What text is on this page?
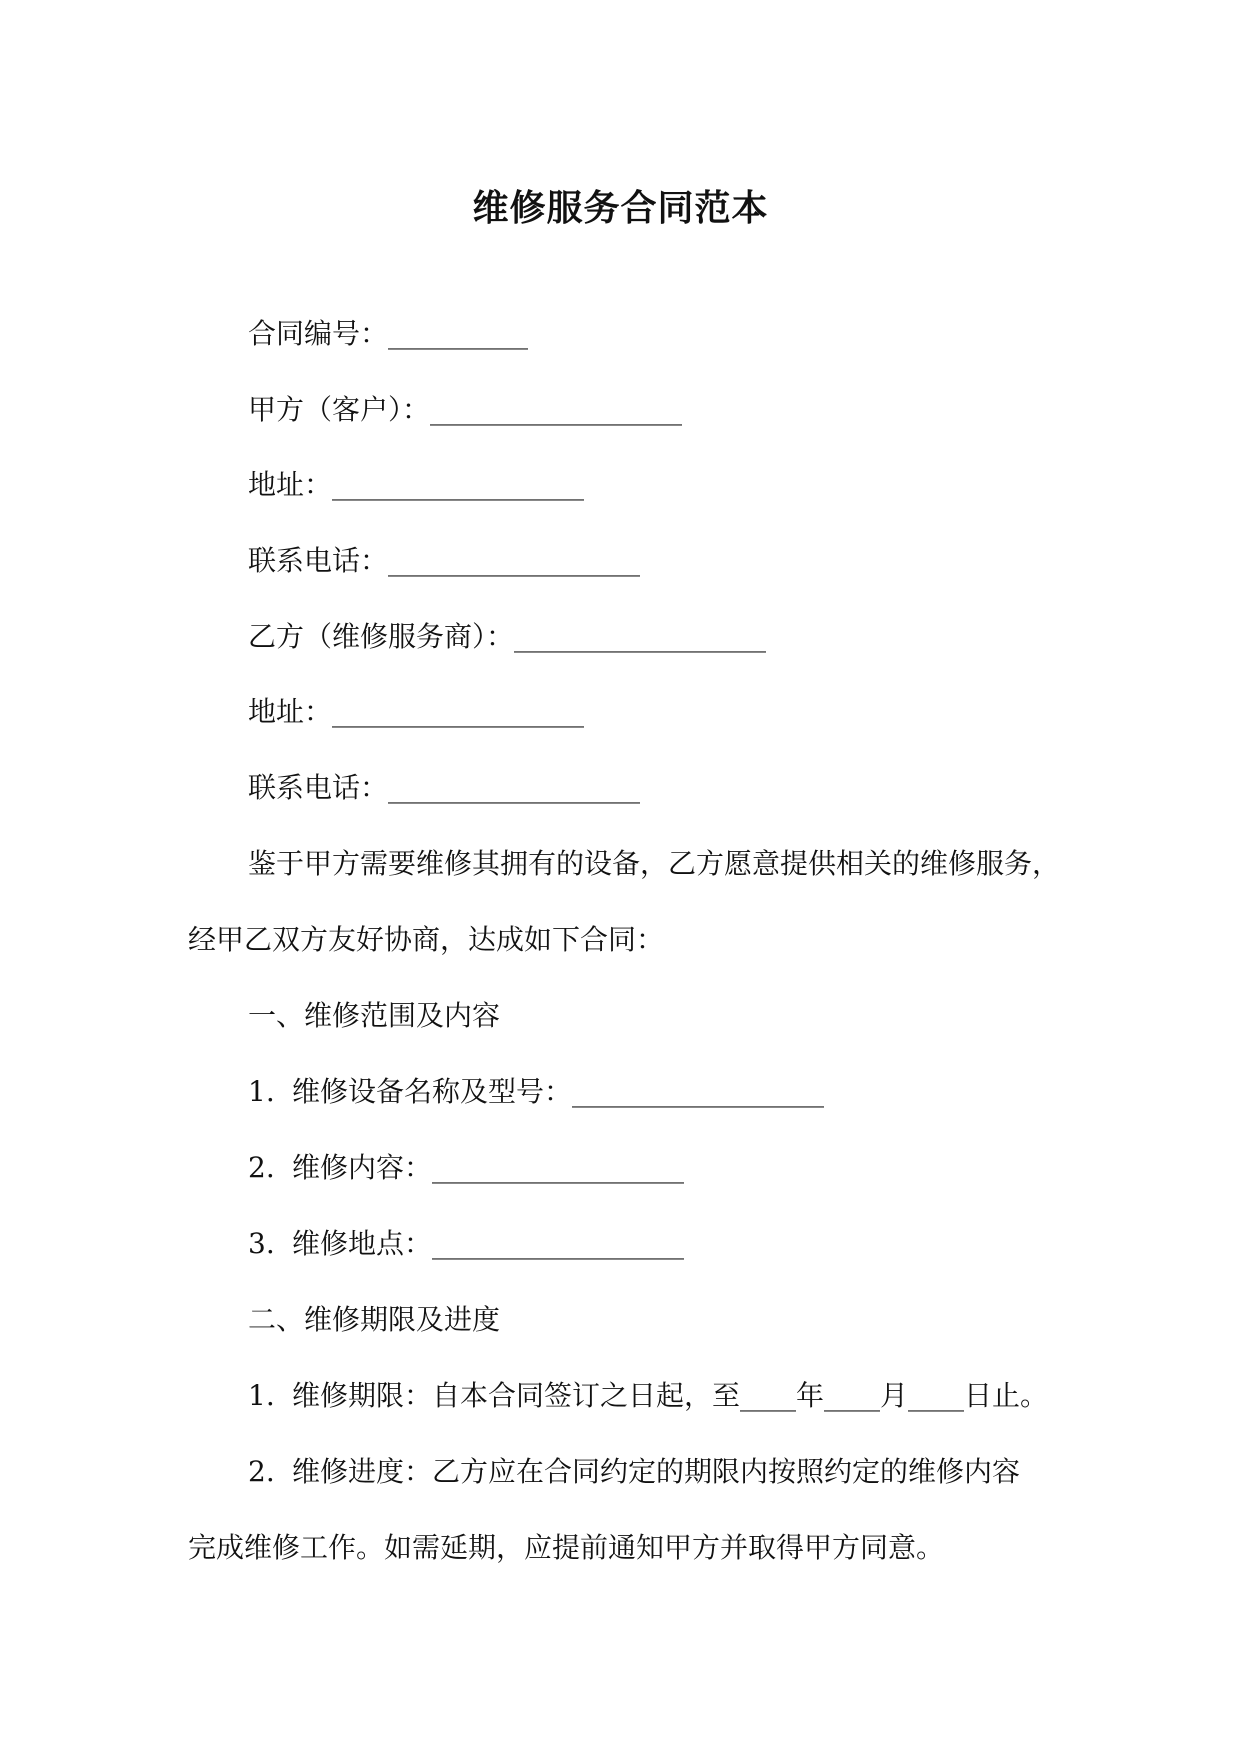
维修服务合同范本
合同编号：__________
甲方（客户）：__________________
地址：__________________
联系电话：__________________
乙方（维修服务商）：__________________
地址：__________________
联系电话：__________________
鉴于甲方需要维修其拥有的设备，乙方愿意提供相关的维修服务，
经甲乙双方友好协商，达成如下合同：
一、维修范围及内容
1. 维修设备名称及型号：__________________
2. 维修内容：__________________
3. 维修地点：__________________
二、维修期限及进度
1. 维修期限：自本合同签订之日起，至____年____月____日止。
2. 维修进度：乙方应在合同约定的期限内按照约定的维修内容
完成维修工作。如需延期，应提前通知甲方并取得甲方同意。
